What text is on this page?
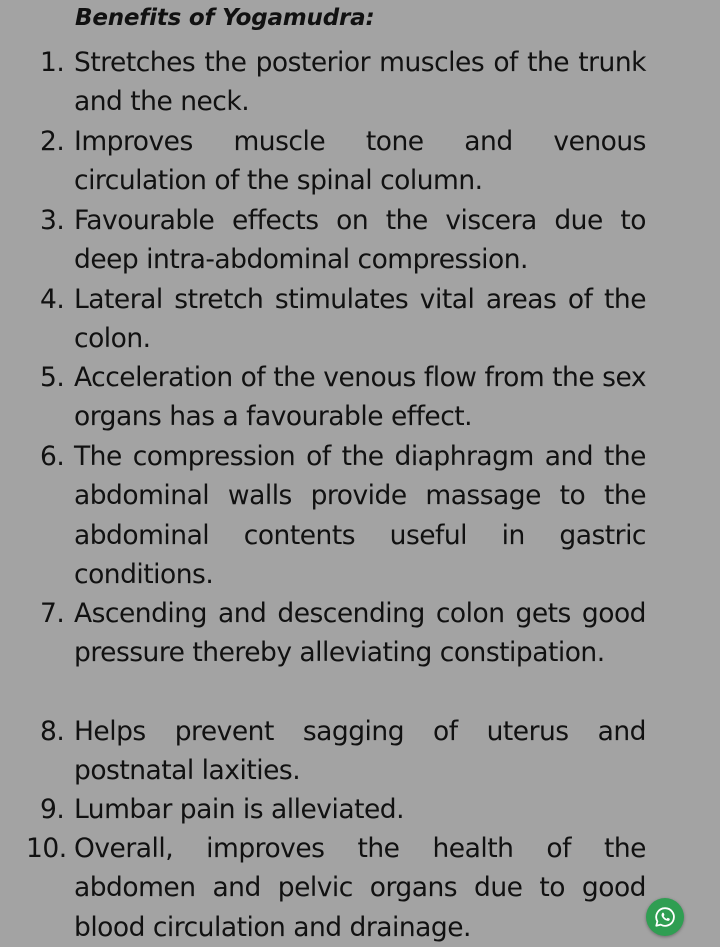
Benefits of Yogamudra:
1. Stretches the posterior muscles of the trunk and the neck.
2. Improves muscle tone and venous circulation of the spinal column.
3. Favourable effects on the viscera due to deep intra-abdominal compression.
4. Lateral stretch stimulates vital areas of the colon.
5. Acceleration of the venous flow from the sex organs has a favourable effect.
6. The compression of the diaphragm and the abdominal walls provide massage to the abdominal contents useful in gastric conditions.
7. Ascending and descending colon gets good pressure thereby alleviating constipation.
8. Helps prevent sagging of uterus and postnatal laxities.
9. Lumbar pain is alleviated.
10. Overall, improves the health of the abdomen and pelvic organs due to good blood circulation and drainage.
